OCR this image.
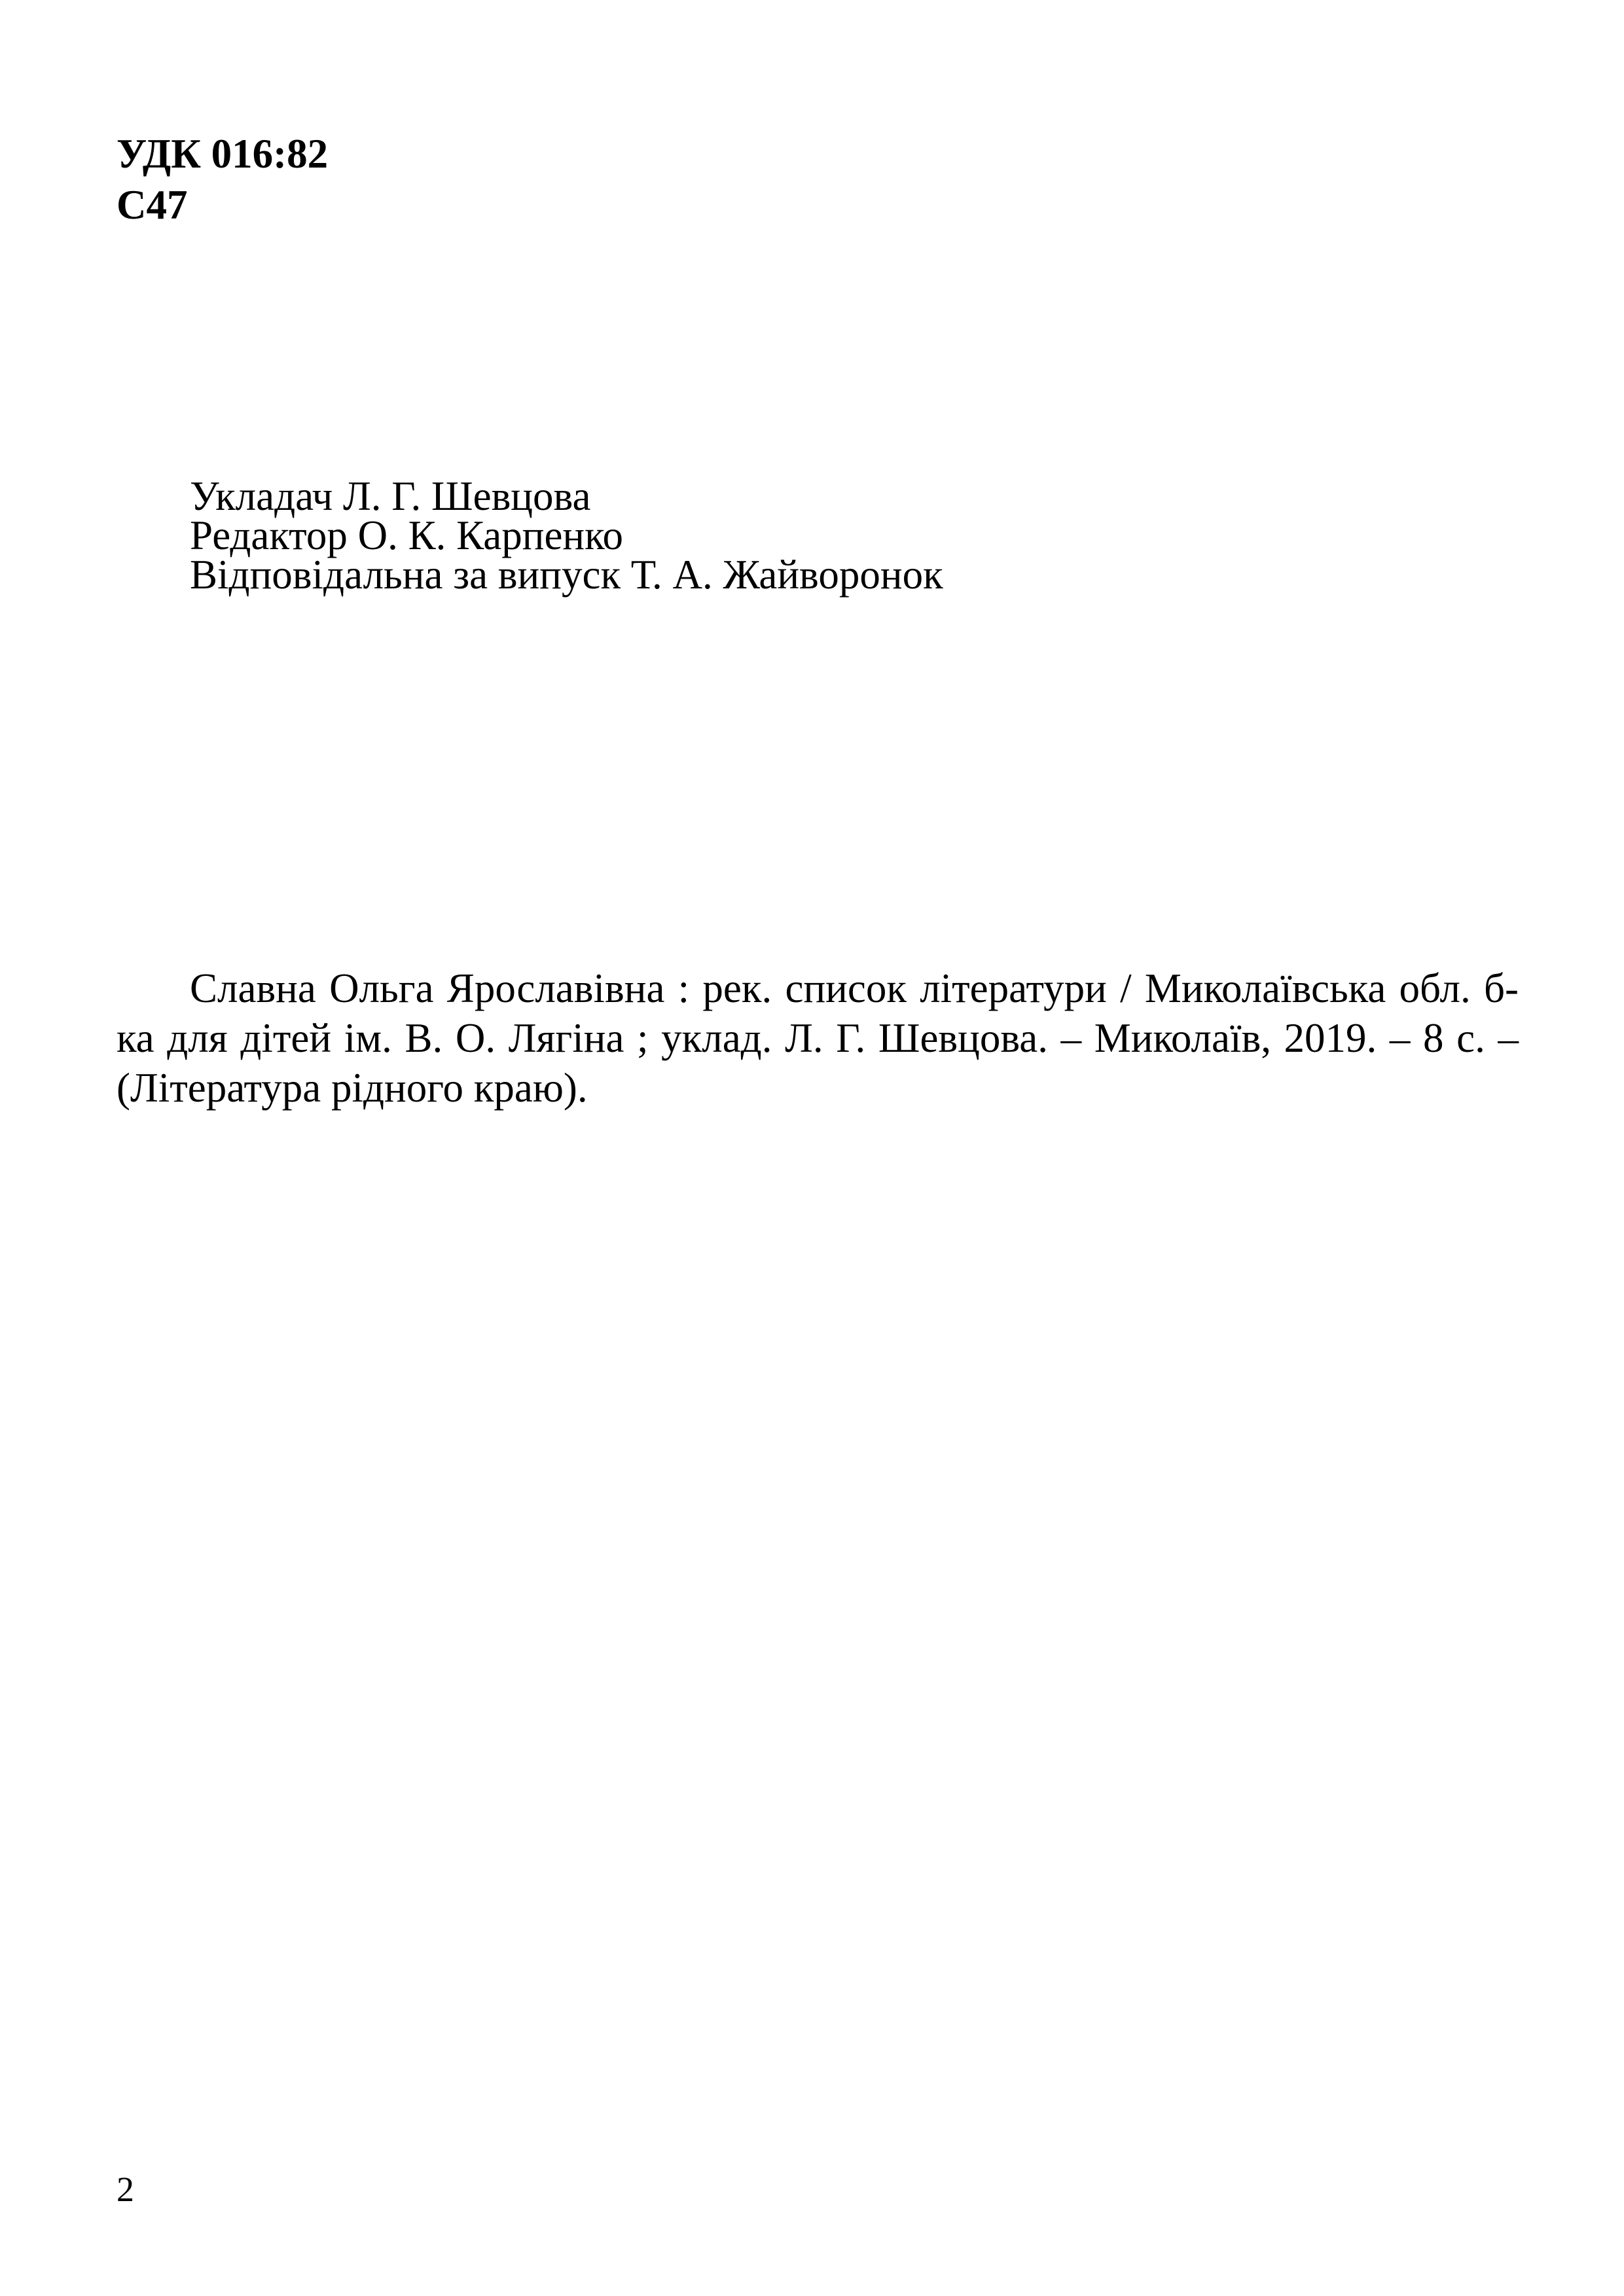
УДК 016:82
С47
Укладач Л. Г. Шевцова
Редактор О. К. Карпенко
Відповідальна за випуск Т. А. Жайворонок
Славна Ольга Ярославівна : рек. список літератури / Миколаївська обл. б-ка для дітей ім. В. О. Лягіна ; уклад. Л. Г. Шевцова. – Миколаїв, 2019. – 8 с. – (Література рідного краю).
2
